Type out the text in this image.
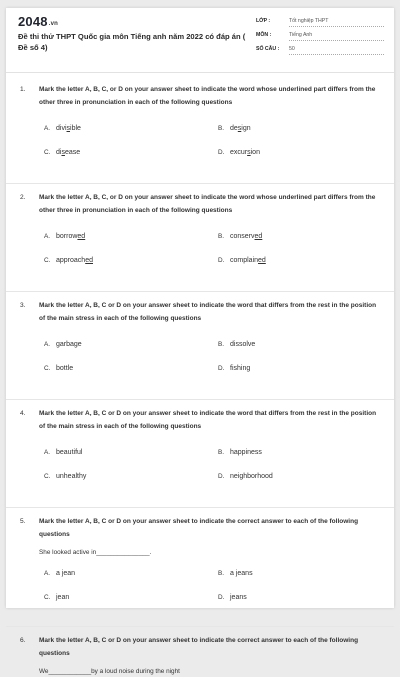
2048.vn
Đề thi thử THPT Quốc gia môn Tiếng anh năm 2022 có đáp án ( Đề số 4)
LỚP :	Tốt nghiệp THPT
MÔN :	Tiếng Anh
SỐ CÂU : 50
1. Mark the letter A, B, C, or D on your answer sheet to indicate the word whose underlined part differs from the other three in pronunciation in each of the following questions
A. divisible	B. design
C. disease	D. excursion
2. Mark the letter A, B, C, or D on your answer sheet to indicate the word whose underlined part differs from the other three in pronunciation in each of the following questions
A. borrowed	B. conserved
C. approached	D. complained
3. Mark the letter A, B, C or D on your answer sheet to indicate the word that differs from the rest in the position of the main stress in each of the following questions
A. garbage	B. dissolve
C. bottle	D. fishing
4. Mark the letter A, B, C or D on your answer sheet to indicate the word that differs from the rest in the position of the main stress in each of the following questions
A. beautiful	B. happiness
C. unhealthy	D. neighborhood
5. Mark the letter A, B, C or D on your answer sheet to indicate the correct answer to each of the following questions
She looked active in_______________.
A. a jean	B. a jeans
C. jean	D. jeans
6. Mark the letter A, B, C or D on your answer sheet to indicate the correct answer to each of the following questions
We____________by a loud noise during the night
